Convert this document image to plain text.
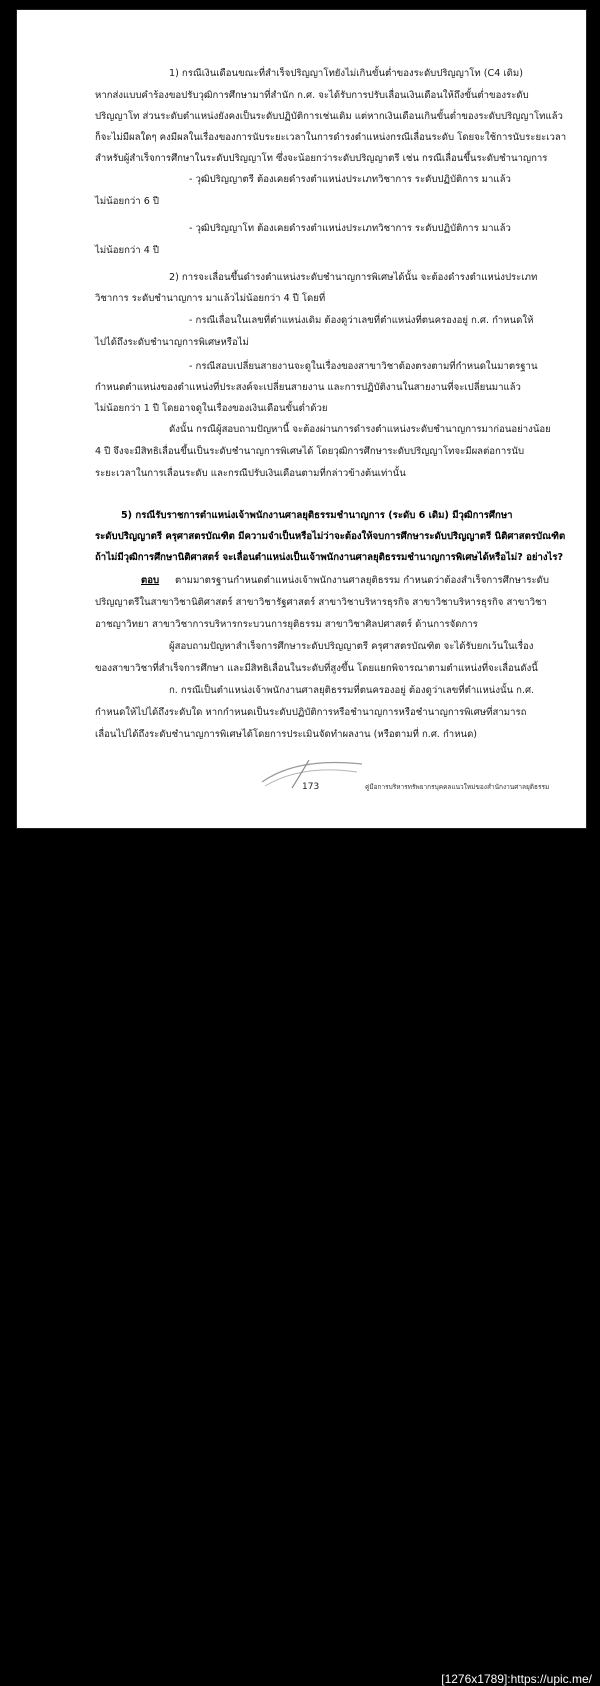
1) กรณีเงินเดือนขณะที่สำเร็จปริญญาโทยังไม่เกินขั้นต่ำของระดับปริญญาโท (C4 เดิม)
หากส่งแบบคำร้องขอปรับวุฒิการศึกษามาที่สำนัก ก.ศ. จะได้รับการปรับเลื่อนเงินเดือนให้ถึงขั้นต่ำของระดับ
ปริญญาโท ส่วนระดับตำแหน่งยังคงเป็นระดับปฏิบัติการเช่นเดิม แต่หากเงินเดือนเกินขั้นต่ำของระดับปริญญาโทแล้ว
ก็จะไม่มีผลใดๆ คงมีผลในเรื่องของการนับระยะเวลาในการดำรงตำแหน่งกรณีเลื่อนระดับ โดยจะใช้การนับระยะเวลา
สำหรับผู้สำเร็จการศึกษาในระดับปริญญาโท ซึ่งจะน้อยกว่าระดับปริญญาตรี เช่น กรณีเลื่อนขึ้นระดับชำนาญการ
- วุฒิปริญญาตรี ต้องเคยดำรงตำแหน่งประเภทวิชาการ ระดับปฏิบัติการ มาแล้ว
ไม่น้อยกว่า 6 ปี
- วุฒิปริญญาโท ต้องเคยดำรงตำแหน่งประเภทวิชาการ ระดับปฏิบัติการ มาแล้ว
ไม่น้อยกว่า 4 ปี
2) การจะเลื่อนขึ้นดำรงตำแหน่งระดับชำนาญการพิเศษได้นั้น จะต้องดำรงตำแหน่งประเภท
วิชาการ ระดับชำนาญการ มาแล้วไม่น้อยกว่า 4 ปี โดยที่
- กรณีเลื่อนในเลขที่ตำแหน่งเดิม ต้องดูว่าเลขที่ตำแหน่งที่ตนครองอยู่ ก.ศ. กำหนดให้
ไปได้ถึงระดับชำนาญการพิเศษหรือไม่
- กรณีสอบเปลี่ยนสายงานจะดูในเรื่องของสาขาวิชาต้องตรงตามที่กำหนดในมาตรฐาน
กำหนดตำแหน่งของตำแหน่งที่ประสงค์จะเปลี่ยนสายงาน และการปฏิบัติงานในสายงานที่จะเปลี่ยนมาแล้ว
ไม่น้อยกว่า 1 ปี โดยอาจดูในเรื่องของเงินเดือนขั้นต่ำด้วย
ดังนั้น กรณีผู้สอบถามปัญหานี้ จะต้องผ่านการดำรงตำแหน่งระดับชำนาญการมาก่อนอย่างน้อย
4 ปี จึงจะมีสิทธิเลื่อนขึ้นเป็นระดับชำนาญการพิเศษได้ โดยวุฒิการศึกษาระดับปริญญาโทจะมีผลต่อการนับ
ระยะเวลาในการเลื่อนระดับ และกรณีปรับเงินเดือนตามที่กล่าวข้างต้นเท่านั้น
5) กรณีรับราชการตำแหน่งเจ้าพนักงานศาลยุติธรรมชำนาญการ (ระดับ 6 เดิม) มีวุฒิการศึกษา
ระดับปริญญาตรี ครุศาสตรบัณฑิต มีความจำเป็นหรือไม่ว่าจะต้องให้จบการศึกษาระดับปริญญาตรี นิติศาสตรบัณฑิต
ถ้าไม่มีวุฒิการศึกษานิติศาสตร์ จะเลื่อนตำแหน่งเป็นเจ้าพนักงานศาลยุติธรรมชำนาญการพิเศษได้หรือไม่? อย่างไร?
ตอบ ตามมาตรฐานกำหนดตำแหน่งเจ้าพนักงานศาลยุติธรรม กำหนดว่าต้องสำเร็จการศึกษาระดับ
ปริญญาตรีในสาขาวิชานิติศาสตร์ สาขาวิชารัฐศาสตร์ สาขาวิชาบริหารธุรกิจ สาขาวิชาบริหารธุรกิจ สาขาวิชา
อาชญาวิทยา สาขาวิชาการบริหารกระบวนการยุติธรรม สาขาวิชาศิลปศาสตร์ ด้านการจัดการ
ผู้สอบถามปัญหาสำเร็จการศึกษาระดับปริญญาตรี ครุศาสตรบัณฑิต จะได้รับยกเว้นในเรื่อง
ของสาขาวิชาที่สำเร็จการศึกษา และมีสิทธิเลื่อนในระดับที่สูงขึ้น โดยแยกพิจารณาตามตำแหน่งที่จะเลื่อนดังนี้
ก. กรณีเป็นตำแหน่งเจ้าพนักงานศาลยุติธรรมที่ตนครองอยู่ ต้องดูว่าเลขที่ตำแหน่งนั้น ก.ศ.
กำหนดให้ไปได้ถึงระดับใด หากกำหนดเป็นระดับปฏิบัติการหรือชำนาญการหรือชำนาญการพิเศษที่สามารถ
เลื่อนไปได้ถึงระดับชำนาญการพิเศษได้โดยการประเมินจัดทำผลงาน (หรือตามที่ ก.ศ. กำหนด)
173	คู่มือการบริหารทรัพยากรบุคคลแนวใหม่ของสำนักงานศาลยุติธรรม
[1276x1789]:https://upic.me/
